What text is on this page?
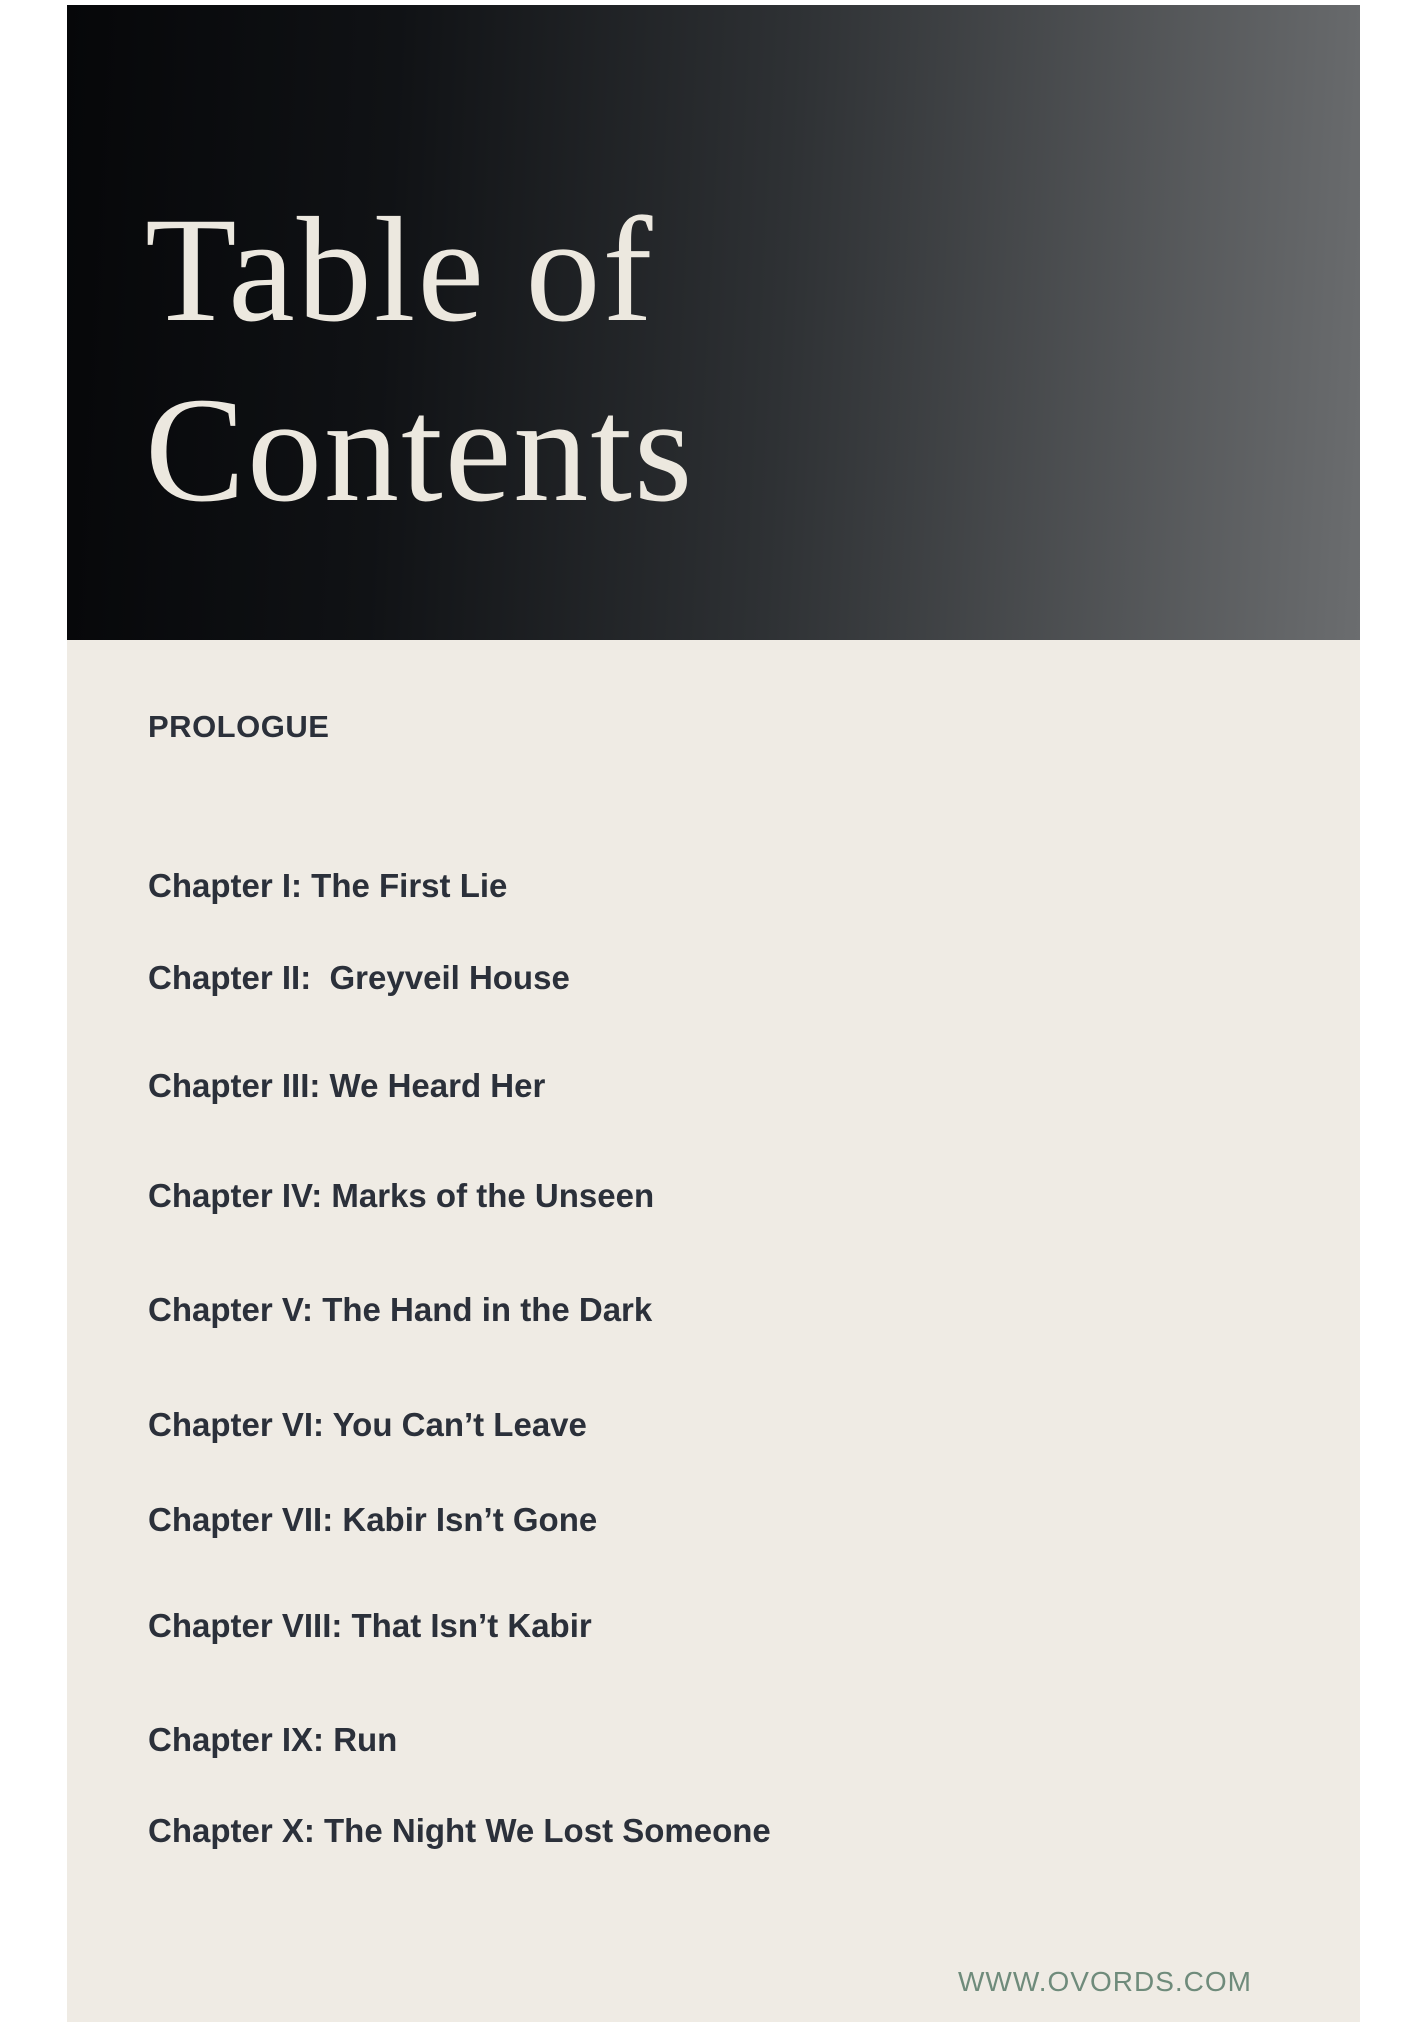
Table of
Contents
PROLOGUE
Chapter I: The First Lie
Chapter II:  Greyveil House
Chapter III: We Heard Her
Chapter IV: Marks of the Unseen
Chapter V: The Hand in the Dark
Chapter VI: You Can’t Leave
Chapter VII: Kabir Isn’t Gone
Chapter VIII: That Isn’t Kabir
Chapter IX: Run
Chapter X: The Night We Lost Someone
WWW.OVORDS.COM
